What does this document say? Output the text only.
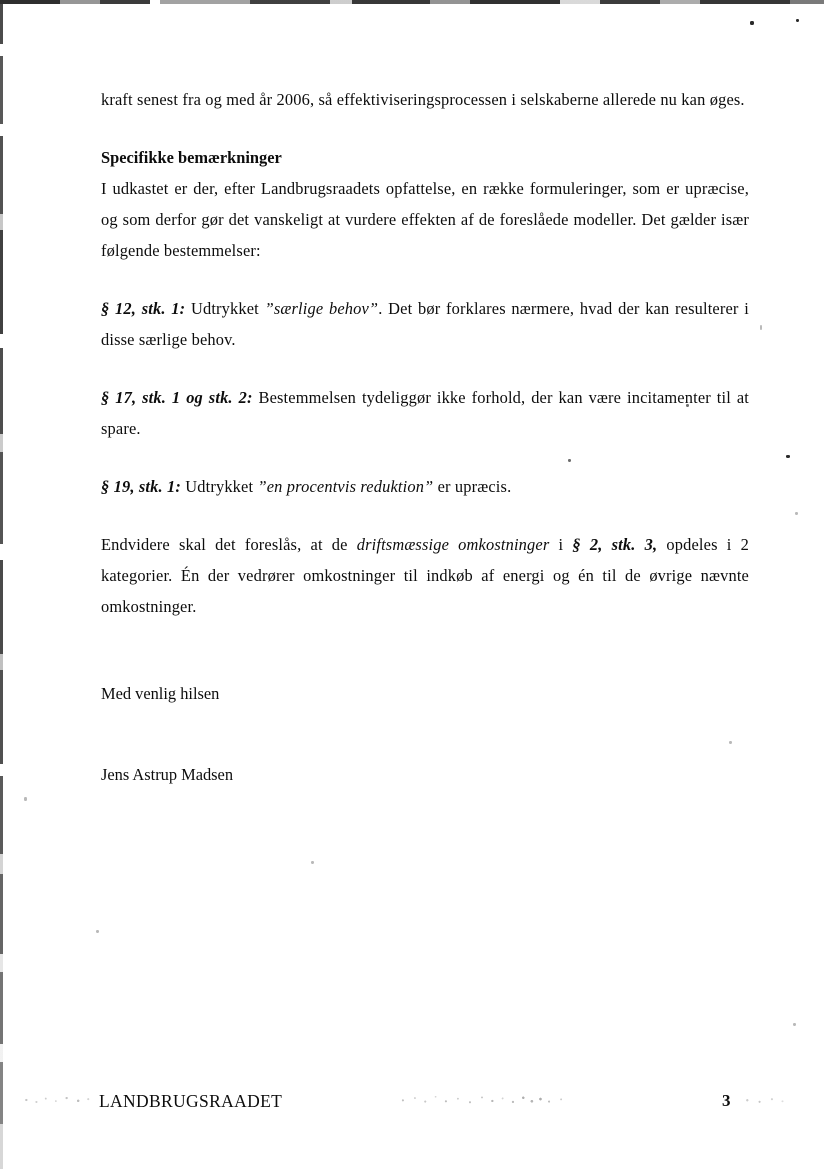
kraft senest fra og med år 2006, så effektiviseringsprocessen i selskaberne allerede nu kan øges.

Specifikke bemærkninger

I udkastet er der, efter Landbrugsraadets opfattelse, en række formuleringer, som er upræcise, og som derfor gør det vanskeligt at vurdere effekten af de foreslåede modeller. Det gælder især følgende bestemmelser:

§ 12, stk. 1: Udtrykket ”særlige behov”. Det bør forklares nærmere, hvad der kan resulterer i disse særlige behov.

§ 17, stk. 1 og stk. 2: Bestemmelsen tydeliggør ikke forhold, der kan være incitamenter til at spare.

§ 19, stk. 1: Udtrykket ”en procentvis reduktion” er upræcis.

Endvidere skal det foreslås, at de driftsmæssige omkostninger i § 2, stk. 3, opdeles i 2 kategorier. Én der vedrører omkostninger til indkøb af energi og én til de øvrige nævnte omkostninger.

Med venlig hilsen

Jens Astrup Madsen

LANDBRUGSRAADET	3
